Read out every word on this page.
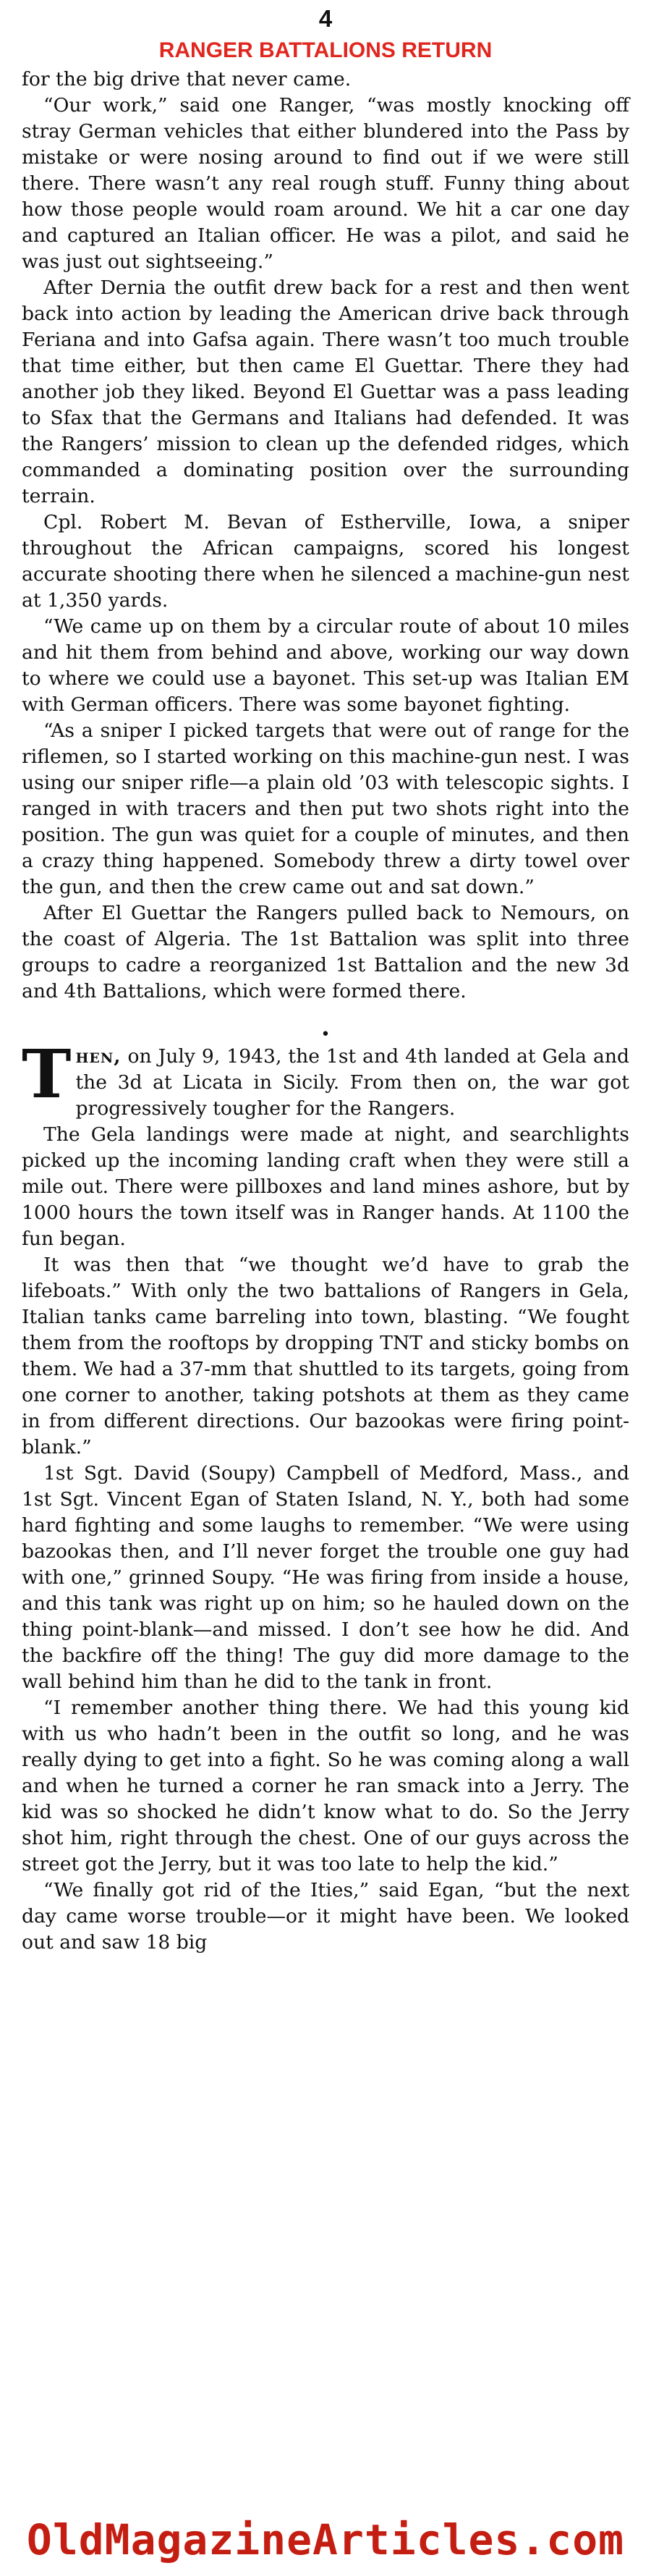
4
RANGER BATTALIONS RETURN

for the big drive that never came.

“Our work,” said one Ranger, “was mostly knocking off stray German vehicles that either blundered into the Pass by mistake or were nosing around to find out if we were still there. There wasn’t any real rough stuff. Funny thing about how those people would roam around. We hit a car one day and captured an Italian officer. He was a pilot, and said he was just out sightseeing.”

After Dernia the outfit drew back for a rest and then went back into action by leading the American drive back through Feriana and into Gafsa again. There wasn’t too much trouble that time either, but then came El Guettar. There they had another job they liked. Beyond El Guettar was a pass leading to Sfax that the Germans and Italians had defended. It was the Rangers’ mission to clean up the defended ridges, which commanded a dominating position over the surrounding terrain.

Cpl. Robert M. Bevan of Estherville, Iowa, a sniper throughout the African campaigns, scored his longest accurate shooting there when he silenced a machine-gun nest at 1,350 yards.

“We came up on them by a circular route of about 10 miles and hit them from behind and above, working our way down to where we could use a bayonet. This set-up was Italian EM with German officers. There was some bayonet fighting.

“As a sniper I picked targets that were out of range for the riflemen, so I started working on this machine-gun nest. I was using our sniper rifle—a plain old ’03 with telescopic sights. I ranged in with tracers and then put two shots right into the position. The gun was quiet for a couple of minutes, and then a crazy thing happened. Somebody threw a dirty towel over the gun, and then the crew came out and sat down.”

After El Guettar the Rangers pulled back to Nemours, on the coast of Algeria. The 1st Battalion was split into three groups to cadre a reorganized 1st Battalion and the new 3d and 4th Battalions, which were formed there.

•

Then, on July 9, 1943, the 1st and 4th landed at Gela and the 3d at Licata in Sicily. From then on, the war got progressively tougher for the Rangers.

The Gela landings were made at night, and searchlights picked up the incoming landing craft when they were still a mile out. There were pillboxes and land mines ashore, but by 1000 hours the town itself was in Ranger hands. At 1100 the fun began.

It was then that “we thought we’d have to grab the lifeboats.” With only the two battalions of Rangers in Gela, Italian tanks came barreling into town, blasting. “We fought them from the rooftops by dropping TNT and sticky bombs on them. We had a 37-mm that shuttled to its targets, going from one corner to another, taking potshots at them as they came in from different directions. Our bazookas were firing point-blank.”

1st Sgt. David (Soupy) Campbell of Medford, Mass., and 1st Sgt. Vincent Egan of Staten Island, N. Y., both had some hard fighting and some laughs to remember. “We were using bazookas then, and I’ll never forget the trouble one guy had with one,” grinned Soupy. “He was firing from inside a house, and this tank was right up on him; so he hauled down on the thing point-blank—and missed. I don’t see how he did. And the backfire off the thing! The guy did more damage to the wall behind him than he did to the tank in front.

“I remember another thing there. We had this young kid with us who hadn’t been in the outfit so long, and he was really dying to get into a fight. So he was coming along a wall and when he turned a corner he ran smack into a Jerry. The kid was so shocked he didn’t know what to do. So the Jerry shot him, right through the chest. One of our guys across the street got the Jerry, but it was too late to help the kid.”

“We finally got rid of the Ities,” said Egan, “but the next day came worse trouble—or it might have been. We looked out and saw 18 big

OldMagazineArticles.com
